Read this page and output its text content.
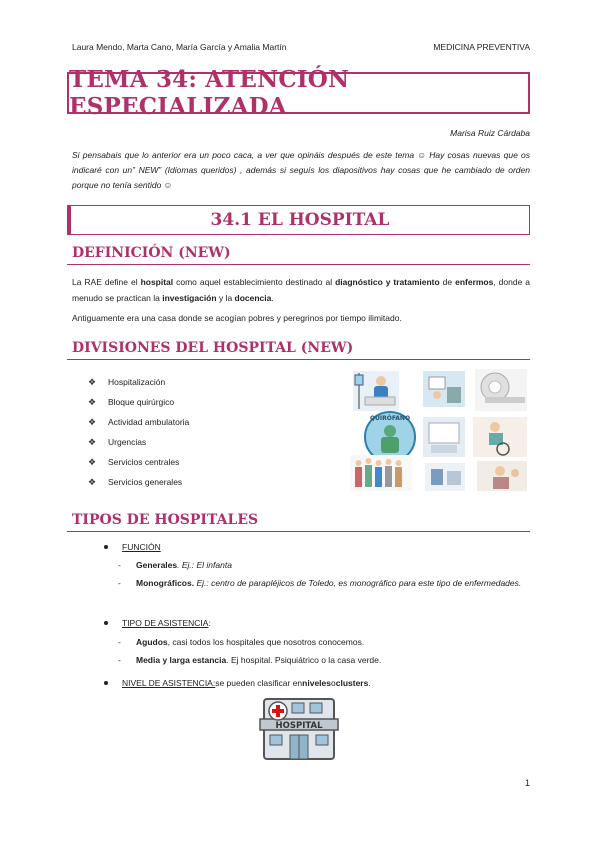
Laura Mendo, Marta Cano, María García y Amalia Martín	MEDICINA PREVENTIVA
TEMA 34: ATENCIÓN ESPECIALIZADA
Marisa Ruiz Cárdaba
Si pensabais que lo anterior era un poco caca, a ver que opináis después de este tema ☺ Hay cosas nuevas que os indicaré con un” NEW” (Idiomas queridos) , además si seguís los diapositivos hay cosas que he cambiado de orden porque no tenía sentido ☺
34.1 EL HOSPITAL
DEFINICIÓN (NEW)
La RAE define el hospital como aquel establecimiento destinado al diagnóstico y tratamiento de enfermos, donde a menudo se practican la investigación y la docencia.
Antiguamente era una casa donde se acogían pobres y peregrinos por tiempo ilimitado.
DIVISIONES DEL HOSPITAL (NEW)
❖	Hospitalización
❖	Bloque quirúrgico
❖	Actividad ambulatoria
❖	Urgencias
❖	Servicios centrales
❖	Servicios generales
QUIRÓFANO
TIPOS DE HOSPITALES
FUNCIÓN
-	Generales. Ej.: El infanta
-	Monográficos. Ej.: centro de parapléjicos de Toledo, es monográfico para este tipo de enfermedades.
TIPO DE ASISTENCIA :
-	Agudos, casi todos los hospitales que nosotros conocemos.
-	Media y larga estancia. Ej hospital. Psiquiátrico o la casa verde.
NIVEL DE ASISTENCIA: se pueden clasificar en niveles o clusters .
HOSPITAL
1
